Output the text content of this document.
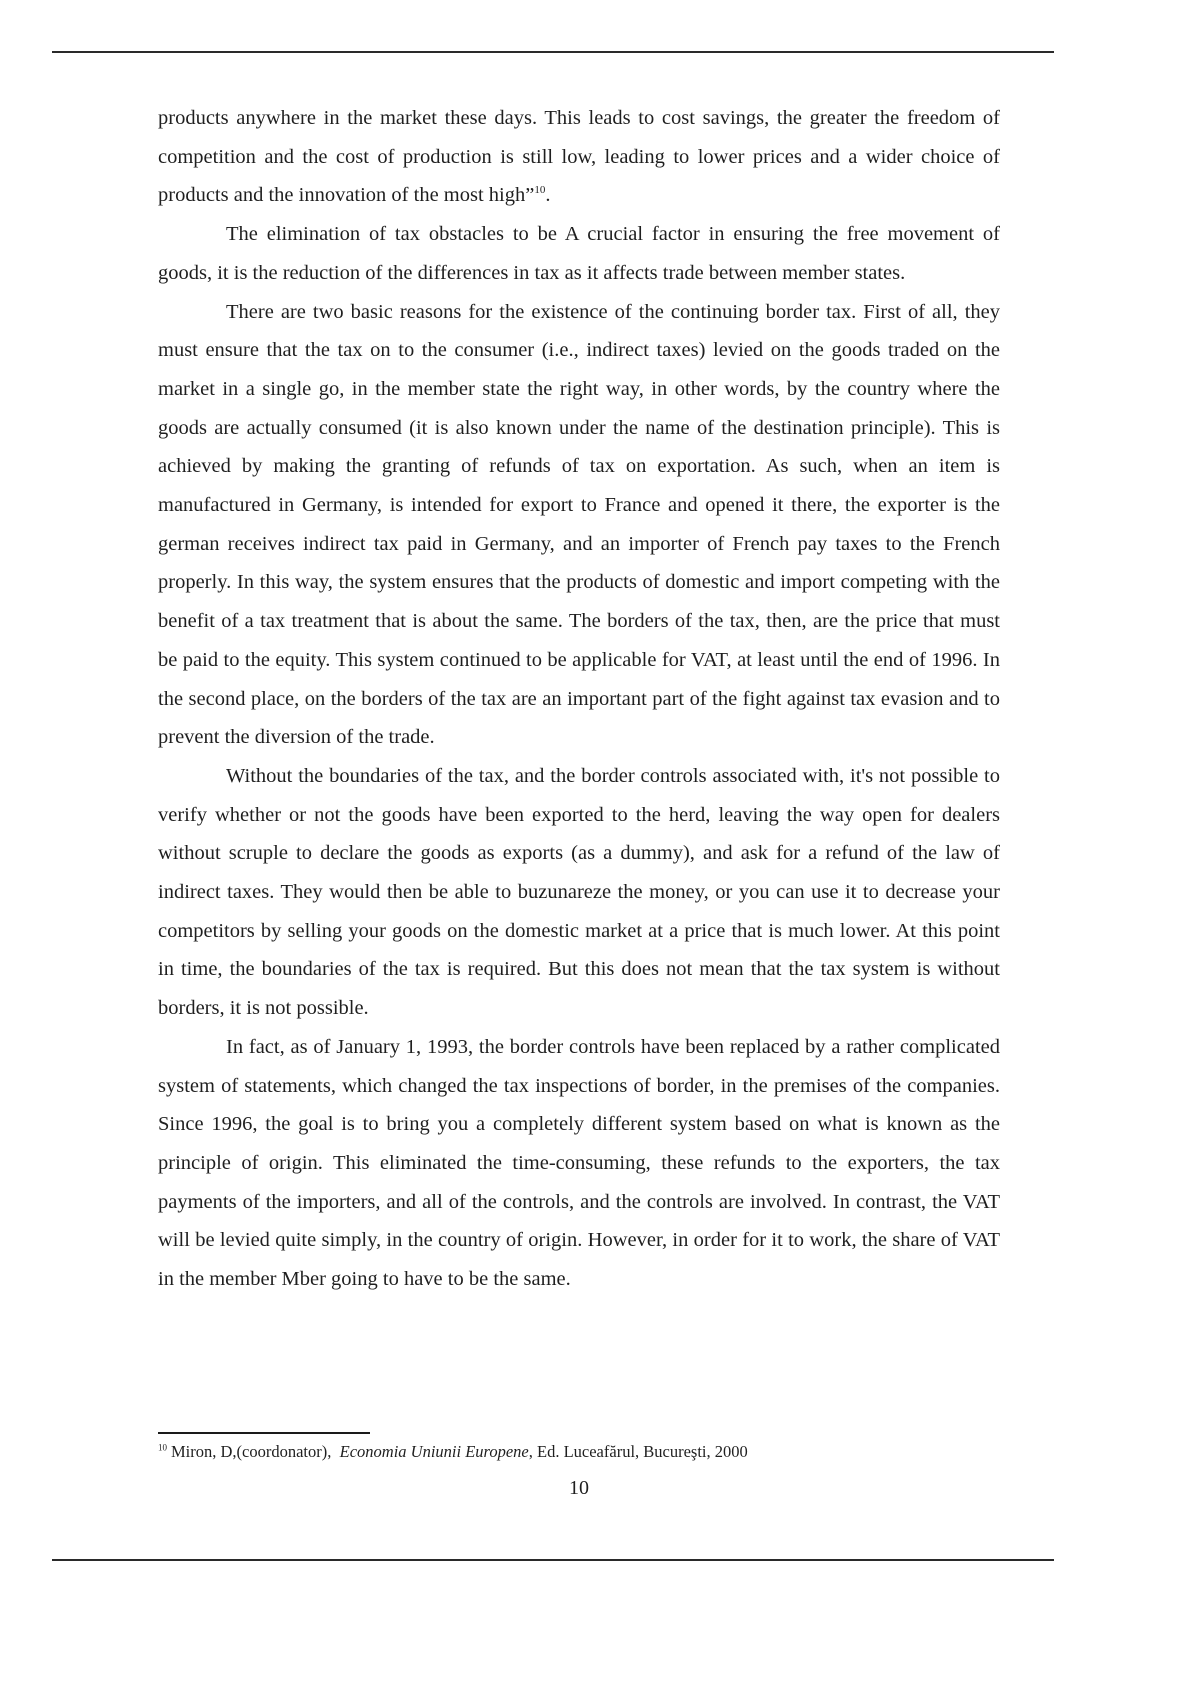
products anywhere in the market these days. This leads to cost savings, the greater the freedom of competition and the cost of production is still low, leading to lower prices and a wider choice of products and the innovation of the most high”$^{10}$.

The elimination of tax obstacles to be A crucial factor in ensuring the free movement of goods, it is the reduction of the differences in tax as it affects trade between member states.

There are two basic reasons for the existence of the continuing border tax. First of all, they must ensure that the tax on to the consumer (i.e., indirect taxes) levied on the goods traded on the market in a single go, in the member state the right way, in other words, by the country where the goods are actually consumed (it is also known under the name of the destination principle). This is achieved by making the granting of refunds of tax on exportation. As such, when an item is manufactured in Germany, is intended for export to France and opened it there, the exporter is the german receives indirect tax paid in Germany, and an importer of French pay taxes to the French properly. In this way, the system ensures that the products of domestic and import competing with the benefit of a tax treatment that is about the same. The borders of the tax, then, are the price that must be paid to the equity. This system continued to be applicable for VAT, at least until the end of 1996. In the second place, on the borders of the tax are an important part of the fight against tax evasion and to prevent the diversion of the trade.

Without the boundaries of the tax, and the border controls associated with, it's not possible to verify whether or not the goods have been exported to the herd, leaving the way open for dealers without scruple to declare the goods as exports (as a dummy), and ask for a refund of the law of indirect taxes. They would then be able to buzunareze the money, or you can use it to decrease your competitors by selling your goods on the domestic market at a price that is much lower. At this point in time, the boundaries of the tax is required. But this does not mean that the tax system is without borders, it is not possible.

In fact, as of January 1, 1993, the border controls have been replaced by a rather complicated system of statements, which changed the tax inspections of border, in the premises of the companies. Since 1996, the goal is to bring you a completely different system based on what is known as the principle of origin. This eliminated the time-consuming, these refunds to the exporters, the tax payments of the importers, and all of the controls, and the controls are involved. In contrast, the VAT will be levied quite simply, in the country of origin. However, in order for it to work, the share of VAT in the member Mber going to have to be the same.

$^{10}$ Miron, D,(coordonator), Economia Uniunii Europene, Ed. Luceafărul, Bucureşti, 2000
10
